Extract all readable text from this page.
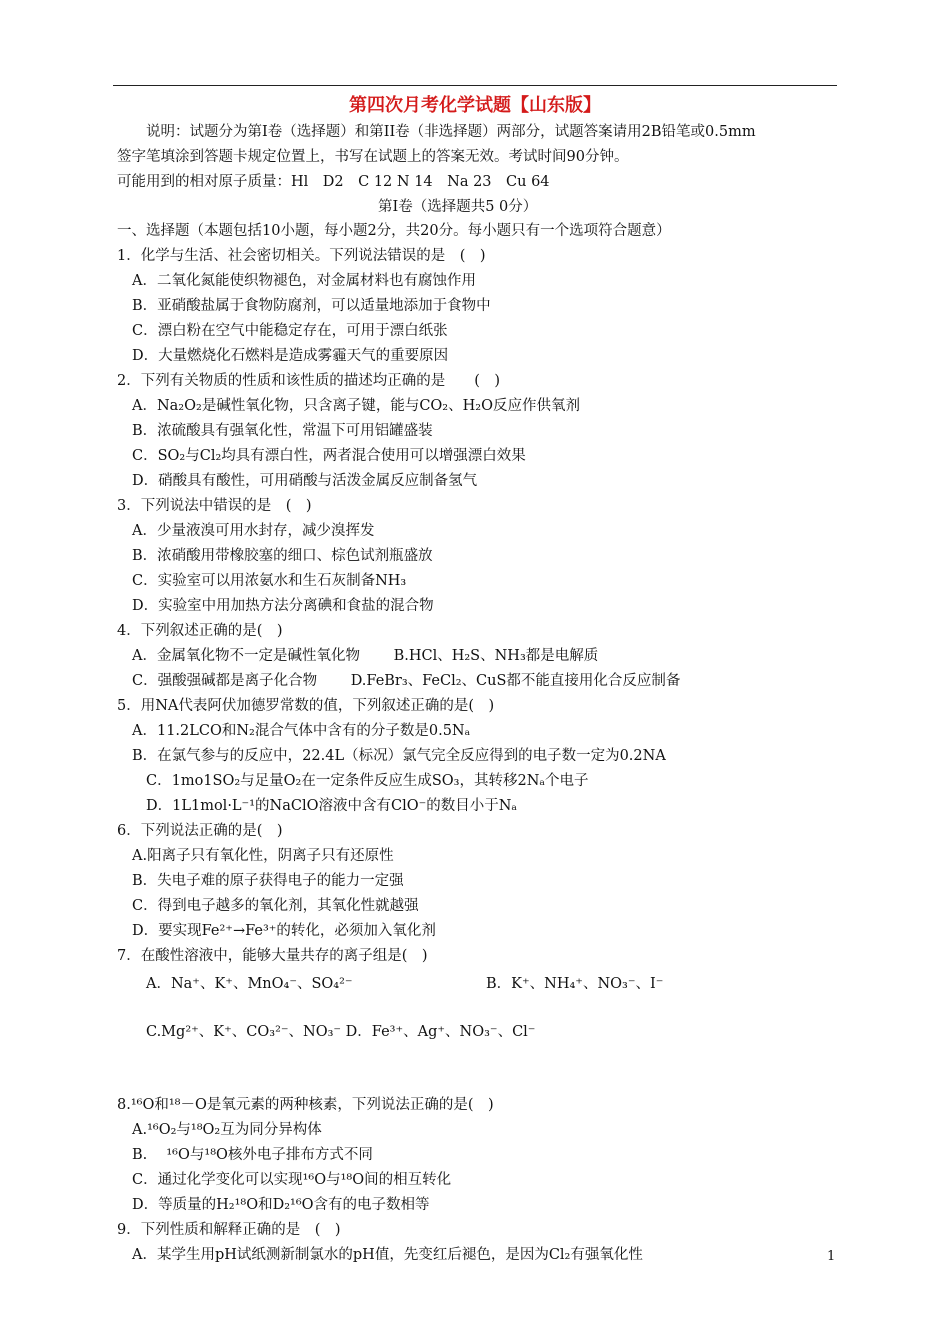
第四次月考化学试题【山东版】
说明：试题分为第Ⅰ卷（选择题）和第II卷（非选择题）两部分，试题答案请用2B铅笔或0.5mm
签字笔填涂到答题卡规定位置上，书写在试题上的答案无效。考试时间90分钟。
可能用到的相对原子质量：Hl　D2　C 12 N 14　Na 23　Cu 64
第Ⅰ卷（选择题共5 0分）
一、选择题（本题包括10小题，每小题2分，共20分。每小题只有一个选项符合题意）
1．化学与生活、社会密切相关。下列说法错误的是　(　)
A．二氧化氮能使织物褪色，对金属材料也有腐蚀作用
B．亚硝酸盐属于食物防腐剂，可以适量地添加于食物中
C．漂白粉在空气中能稳定存在，可用于漂白纸张
D．大量燃烧化石燃料是造成雾霾天气的重要原因
2．下列有关物质的性质和该性质的描述均正确的是　　(　)
A．Na₂O₂是碱性氧化物，只含离子键，能与CO₂、H₂O反应作供氧剂
B．浓硫酸具有强氧化性，常温下可用铝罐盛装
C．SO₂与Cl₂均具有漂白性，两者混合使用可以增强漂白效果
D．硝酸具有酸性，可用硝酸与活泼金属反应制备氢气
3．下列说法中错误的是　(　)
A．少量液溴可用水封存，减少溴挥发
B．浓硝酸用带橡胶塞的细口、棕色试剂瓶盛放
C．实验室可以用浓氨水和生石灰制备NH₃
D．实验室中用加热方法分离碘和食盐的混合物
4．下列叙述正确的是(　)
A．金属氧化物不一定是碱性氧化物　　 B.HCl、H₂S、NH₃都是电解质
C．强酸强碱都是离子化合物　　 D.FeBr₃、FeCl₂、CuS都不能直接用化合反应制备
5．用NA代表阿伏加德罗常数的值，下列叙述正确的是(　)
A．11.2LCO和N₂混合气体中含有的分子数是0.5Nₐ
B．在氯气参与的反应中，22.4L（标况）氯气完全反应得到的电子数一定为0.2NA
C．1mo1SO₂与足量O₂在一定条件反应生成SO₃，其转移2Nₐ个电子
D．1L1mol·L⁻¹的NaClO溶液中含有ClO⁻的数目小于Nₐ
6．下列说法正确的是(　)
A.阳离子只有氧化性，阴离子只有还原性
B．失电子难的原子获得电子的能力一定强
C．得到电子越多的氧化剂，其氧化性就越强
D．要实现Fe²⁺→Fe³⁺的转化，必须加入氧化剂
7．在酸性溶液中，能够大量共存的离子组是(　)
8.¹⁶O和¹⁸－O是氧元素的两种核素，下列说法正确的是(　)
A.¹⁶O₂与¹⁸O₂互为同分异构体
B.　 ¹⁶O与¹⁸O核外电子排布方式不同
C．通过化学变化可以实现¹⁶O与¹⁸O间的相互转化
D．等质量的H₂¹⁸O和D₂¹⁶O含有的电子数相等
9．下列性质和解释正确的是　(　)
A．某学生用pH试纸测新制氯水的pH值，先变红后褪色，是因为Cl₂有强氧化性
A．Na⁺、K⁺、MnO₄⁻、SO₄²⁻	B．K⁺、NH₄⁺、NO₃⁻、I⁻
C.Mg²⁺、K⁺、CO₃²⁻、NO₃⁻ D．Fe³⁺、Ag⁺、NO₃⁻、Cl⁻
1
